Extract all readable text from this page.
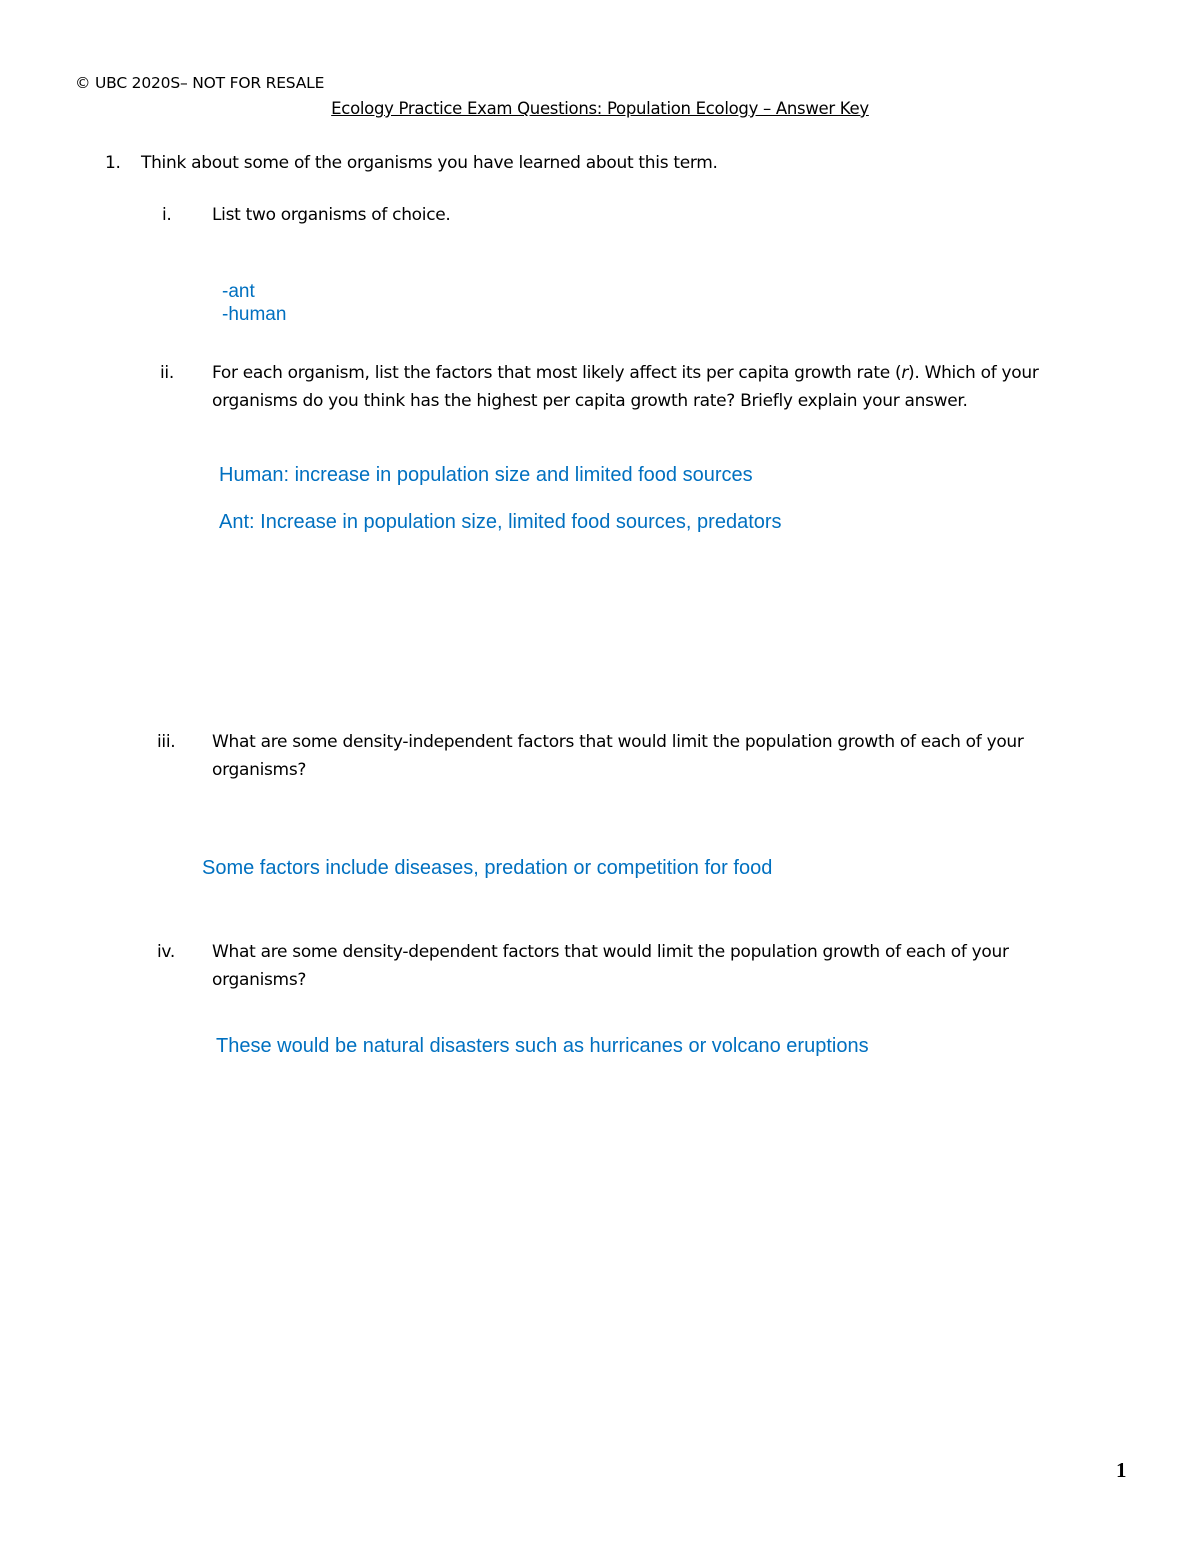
© UBC 2020S– NOT FOR RESALE
Ecology Practice Exam Questions: Population Ecology – Answer Key
1. Think about some of the organisms you have learned about this term.
i. List two organisms of choice.
-ant
-human
ii. For each organism, list the factors that most likely affect its per capita growth rate (r). Which of your
organisms do you think has the highest per capita growth rate? Briefly explain your answer.
Human: increase in population size and limited food sources
Ant: Increase in population size, limited food sources, predators
iii. What are some density-independent factors that would limit the population growth of each of your
organisms?
Some factors include diseases, predation or competition for food
iv. What are some density-dependent factors that would limit the population growth of each of your
organisms?
These would be natural disasters such as hurricanes or volcano eruptions
1
